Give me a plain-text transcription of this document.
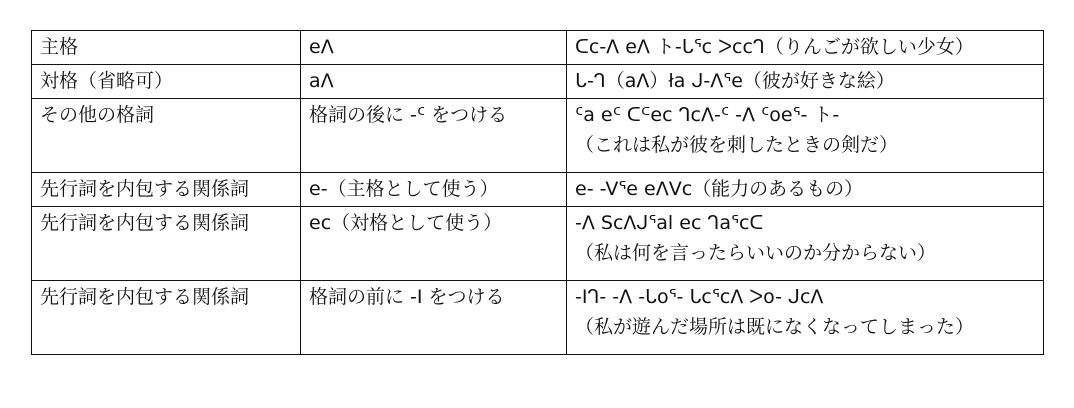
主格	eΛ	ᑕc-Λ eΛ ト-ᒐᕐc ᐳccᒉ（りんごが欲しい少女）

対格（省略可）	aΛ	ᒐ-ᒉ（aΛ）ła ᒍ-Λᕐe（彼が好きな絵）

その他の格詞	格詞の後に -ᑦ をつける	ᑦa eᑦ ᑕᒼec ᒉcΛ-ᑦ -Λ ᑦoeᕐ- ト-
（これは私が彼を刺したときの剣だ）

先行詞を内包する関係詞	e-（主格として使う）	e- -Vᕐe eΛVc（能力のあるもの）

先行詞を内包する関係詞	ec（対格として使う）	-Λ ScΛᒍᕐal ec ᒉaᕐcᑕ
（私は何を言ったらいいのか分からない）

先行詞を内包する関係詞	格詞の前に -I をつける	-Iᒉ- -Λ -ᒐoᕐ- ᒐcᕐcΛ ᐳo- ᒍcΛ
（私が遊んだ場所は既になくなってしまった）
